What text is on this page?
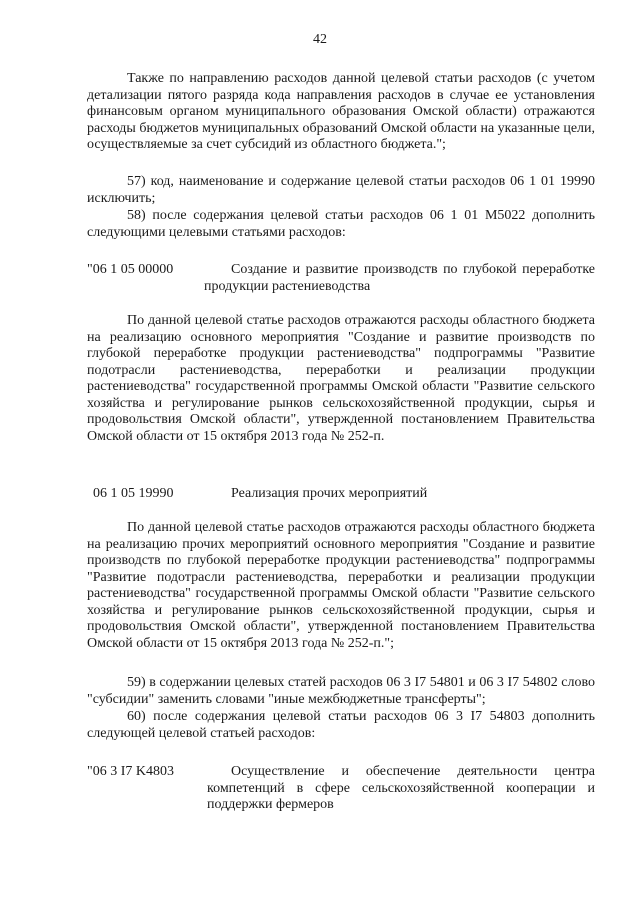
42

Также по направлению расходов данной целевой статьи расходов (с учетом детализации пятого разряда кода направления расходов в случае ее установления финансовым органом муниципального образования Омской области) отражаются расходы бюджетов муниципальных образований Омской области на указанные цели, осуществляемые за счет субсидий из областного бюджета.";

57) код, наименование и содержание целевой статьи расходов 06 1 01 19990 исключить;

58) после содержания целевой статьи расходов 06 1 01 M5022 дополнить следующими целевыми статьями расходов:

"06 1 05 00000	Создание и развитие производств по глубокой переработке продукции растениеводства

По данной целевой статье расходов отражаются расходы областного бюджета на реализацию основного мероприятия "Создание и развитие производств по глубокой переработке продукции растениеводства" подпрограммы "Развитие подотрасли растениеводства, переработки и реализации продукции растениеводства" государственной программы Омской области "Развитие сельского хозяйства и регулирование рынков сельскохозяйственной продукции, сырья и продовольствия Омской области", утвержденной постановлением Правительства Омской области от 15 октября 2013 года № 252-п.

06 1 05 19990	Реализация прочих мероприятий

По данной целевой статье расходов отражаются расходы областного бюджета на реализацию прочих мероприятий основного мероприятия "Создание и развитие производств по глубокой переработке продукции растениеводства" подпрограммы "Развитие подотрасли растениеводства, переработки и реализации продукции растениеводства" государственной программы Омской области "Развитие сельского хозяйства и регулирование рынков сельскохозяйственной продукции, сырья и продовольствия Омской области", утвержденной постановлением Правительства Омской области от 15 октября 2013 года № 252-п.";

59) в содержании целевых статей расходов 06 3 I7 54801 и 06 3 I7 54802 слово "субсидии" заменить словами "иные межбюджетные трансферты";

60) после содержания целевой статьи расходов 06 3 I7 54803 дополнить следующей целевой статьей расходов:

"06 3 I7 K4803	Осуществление и обеспечение деятельности центра компетенций в сфере сельскохозяйственной кооперации и поддержки фермеров
